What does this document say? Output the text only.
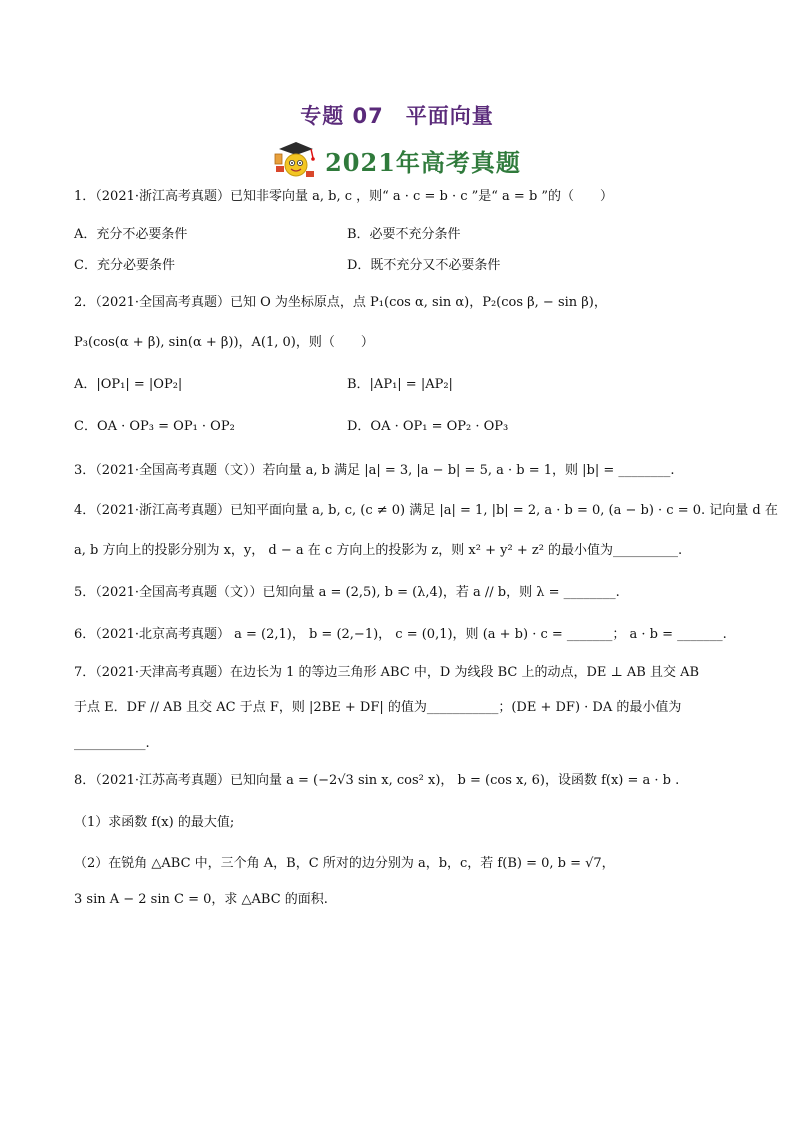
专题 07　平面向量
2021年高考真题
1．（2021·浙江高考真题）已知非零向量 a, b, c ，则“ a · c = b · c ”是“ a = b ”的（　　）
A．充分不必要条件	B．必要不充分条件
C．充分必要条件	D．既不充分又不必要条件
2．（2021·全国高考真题）已知 O 为坐标原点，点 P₁(cos α, sin α)，P₂(cos β, − sin β)，
P₃(cos(α + β), sin(α + β))，A(1, 0)，则（　　）
A．|OP₁| = |OP₂|	B．|AP₁| = |AP₂|
C．OA · OP₃ = OP₁ · OP₂	D．OA · OP₁ = OP₂ · OP₃
3．（2021·全国高考真题（文））若向量 a, b 满足 |a| = 3, |a − b| = 5, a · b = 1，则 |b| = ________.
4．（2021·浙江高考真题）已知平面向量 a, b, c, (c ≠ 0) 满足 |a| = 1, |b| = 2, a · b = 0, (a − b) · c = 0. 记向量 d 在
a, b 方向上的投影分别为 x，y， d − a 在 c 方向上的投影为 z，则 x² + y² + z² 的最小值为__________.
5．（2021·全国高考真题（文））已知向量 a = (2,5), b = (λ,4)，若 a // b，则 λ = ________.
6．（2021·北京高考真题） a = (2,1)， b = (2,−1)， c = (0,1)，则 (a + b) · c = _______； a · b = _______.
7．（2021·天津高考真题）在边长为 1 的等边三角形 ABC 中，D 为线段 BC 上的动点，DE ⊥ AB 且交 AB
于点 E．DF // AB 且交 AC 于点 F，则 |2BE + DF| 的值为___________；(DE + DF) · DA 的最小值为
___________.
8．（2021·江苏高考真题）已知向量 a = (−2√3 sin x, cos² x)， b = (cos x, 6)，设函数 f(x) = a · b .
（1）求函数 f(x) 的最大值;
（2）在锐角 △ABC 中，三个角 A，B，C 所对的边分别为 a，b，c，若 f(B) = 0, b = √7，
3 sin A − 2 sin C = 0，求 △ABC 的面积.
